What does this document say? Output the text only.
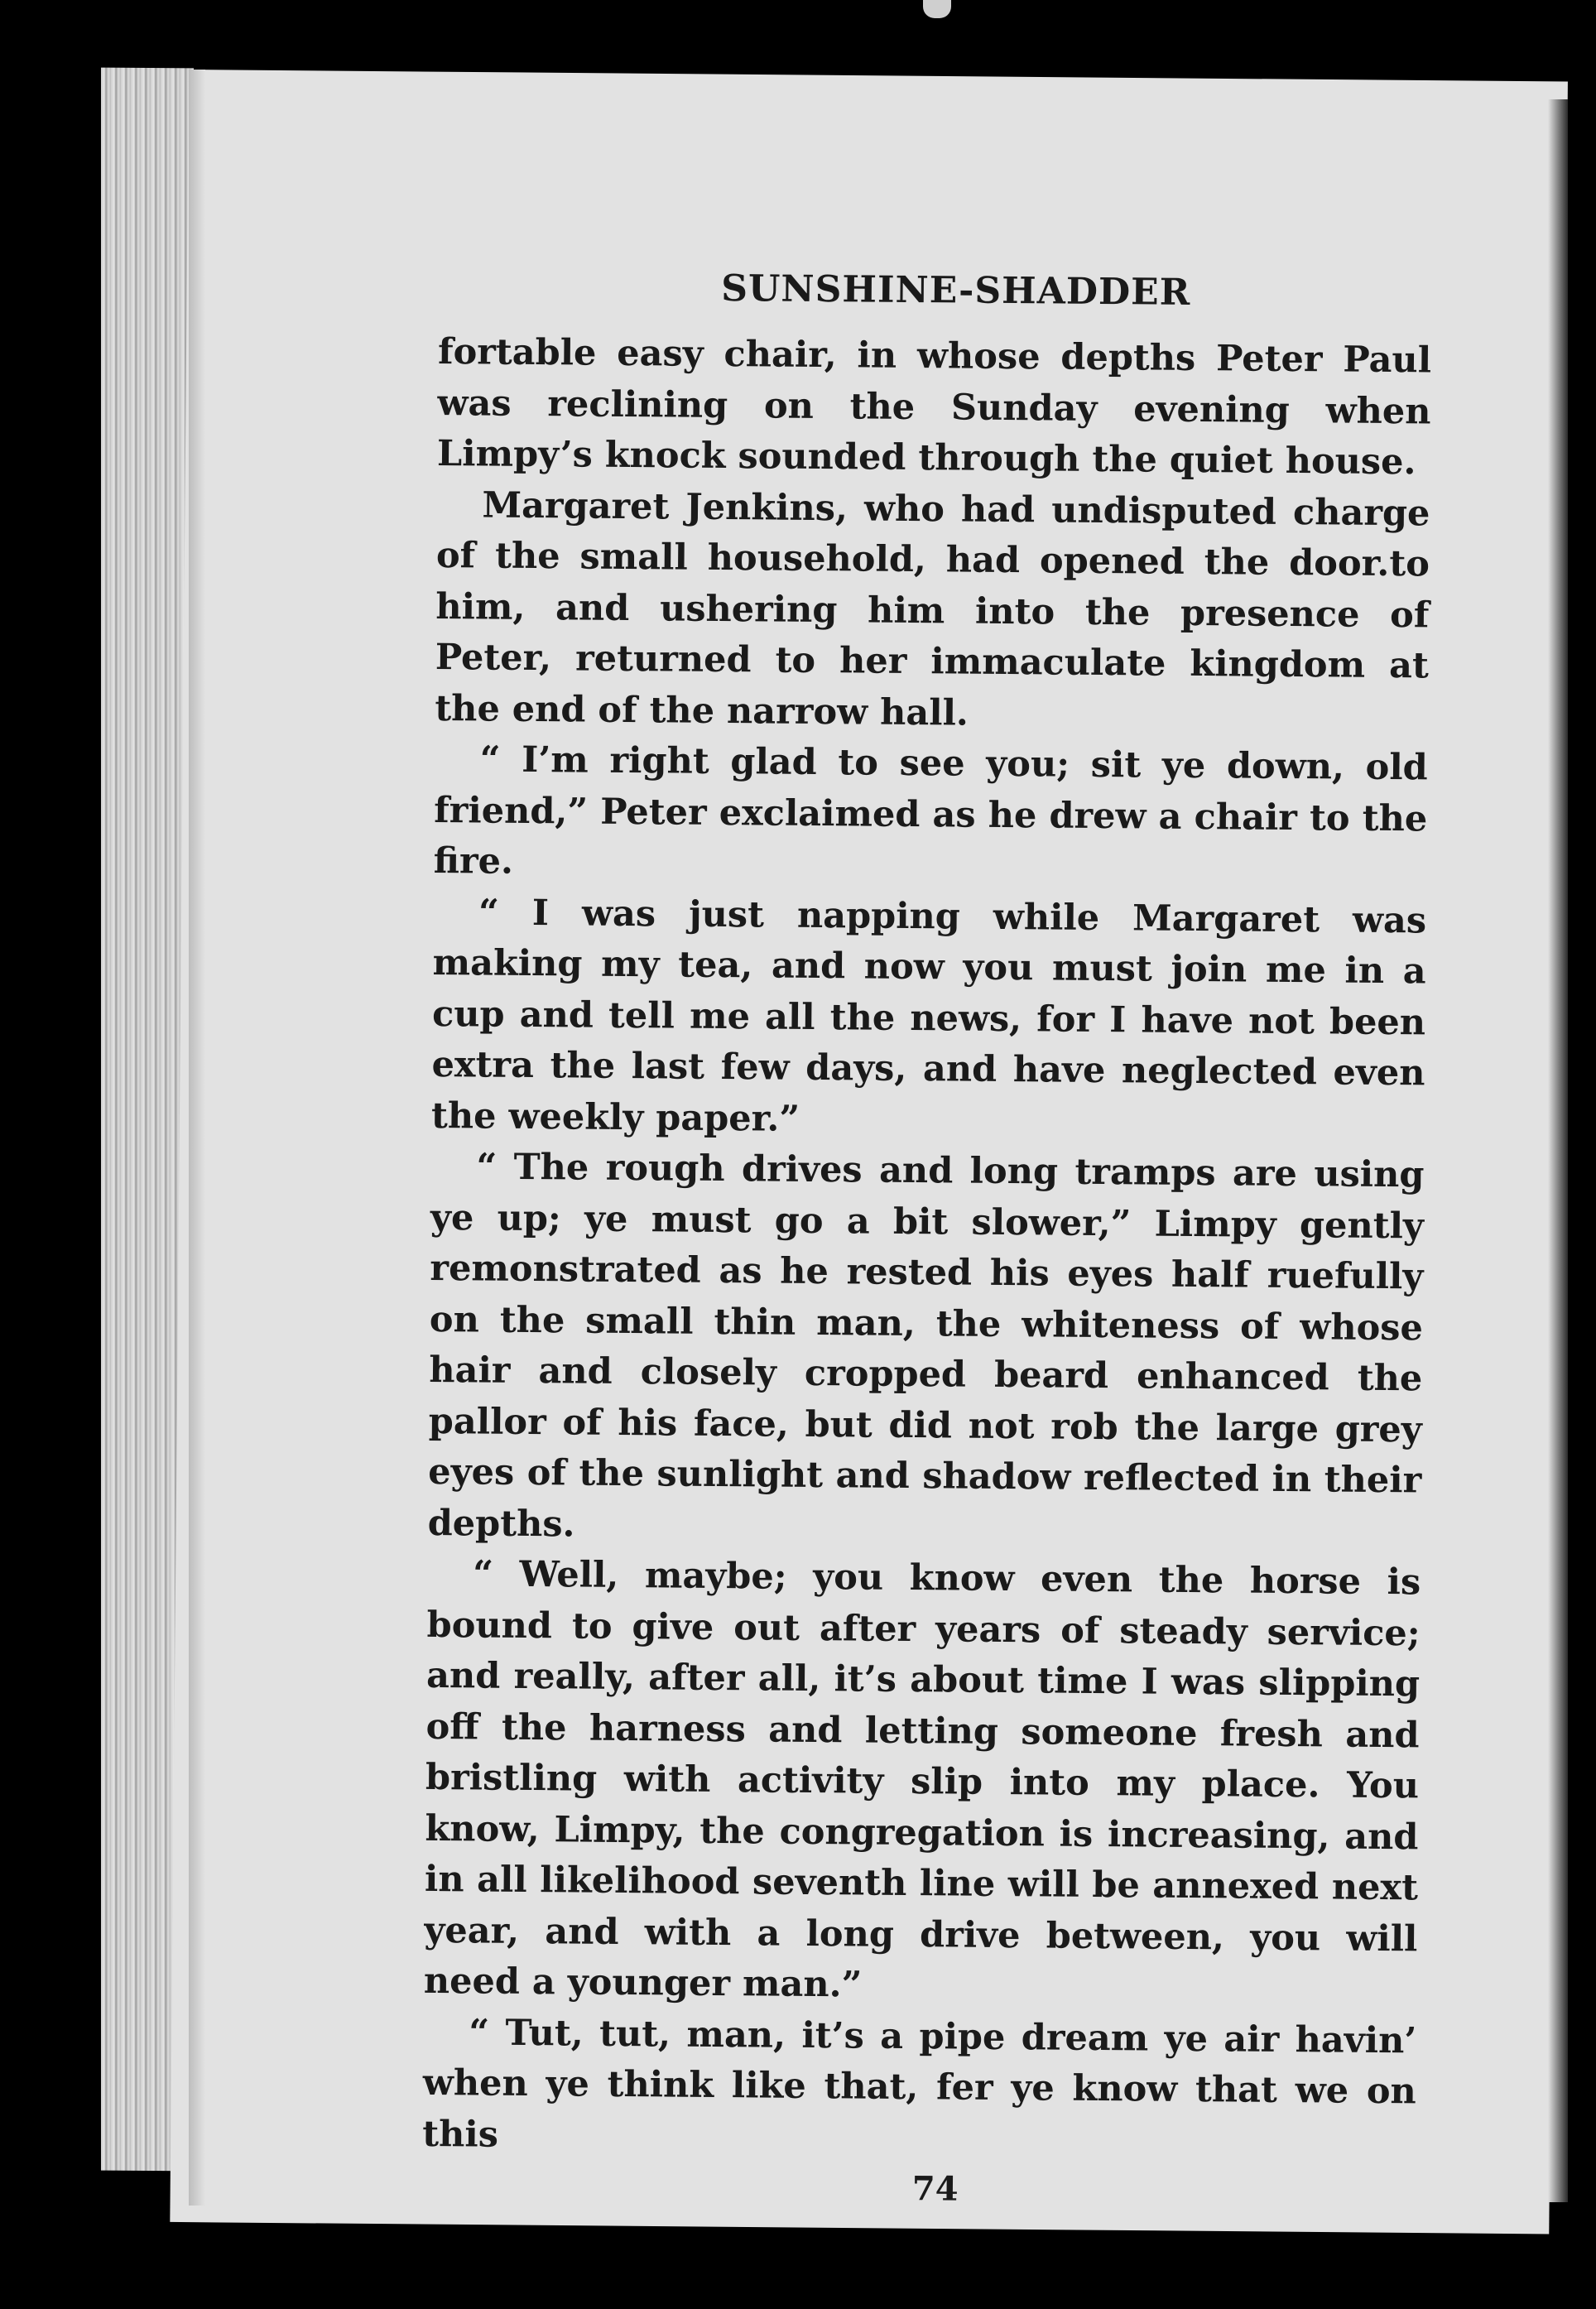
SUNSHINE-SHADDER

fortable easy chair, in whose depths Peter Paul was reclining on the Sunday evening when Limpy’s knock sounded through the quiet house.

Margaret Jenkins, who had undisputed charge of the small household, had opened the door.to him, and ushering him into the presence of Peter, returned to her immaculate kingdom at the end of the narrow hall.

“ I’m right glad to see you; sit ye down, old friend,” Peter exclaimed as he drew a chair to the fire.

“ I was just napping while Margaret was making my tea, and now you must join me in a cup and tell me all the news, for I have not been extra the last few days, and have neglected even the weekly paper.”

“ The rough drives and long tramps are using ye up; ye must go a bit slower,” Limpy gently remonstrated as he rested his eyes half ruefully on the small thin man, the whiteness of whose hair and closely cropped beard enhanced the pallor of his face, but did not rob the large grey eyes of the sunlight and shadow reflected in their depths.

“ Well, maybe; you know even the horse is bound to give out after years of steady service; and really, after all, it’s about time I was slipping off the harness and letting someone fresh and bristling with activity slip into my place. You know, Limpy, the congregation is increasing, and in all likelihood seventh line will be annexed next year, and with a long drive between, you will need a younger man.”

“ Tut, tut, man, it’s a pipe dream ye air havin’ when ye think like that, fer ye know that we on this

74
